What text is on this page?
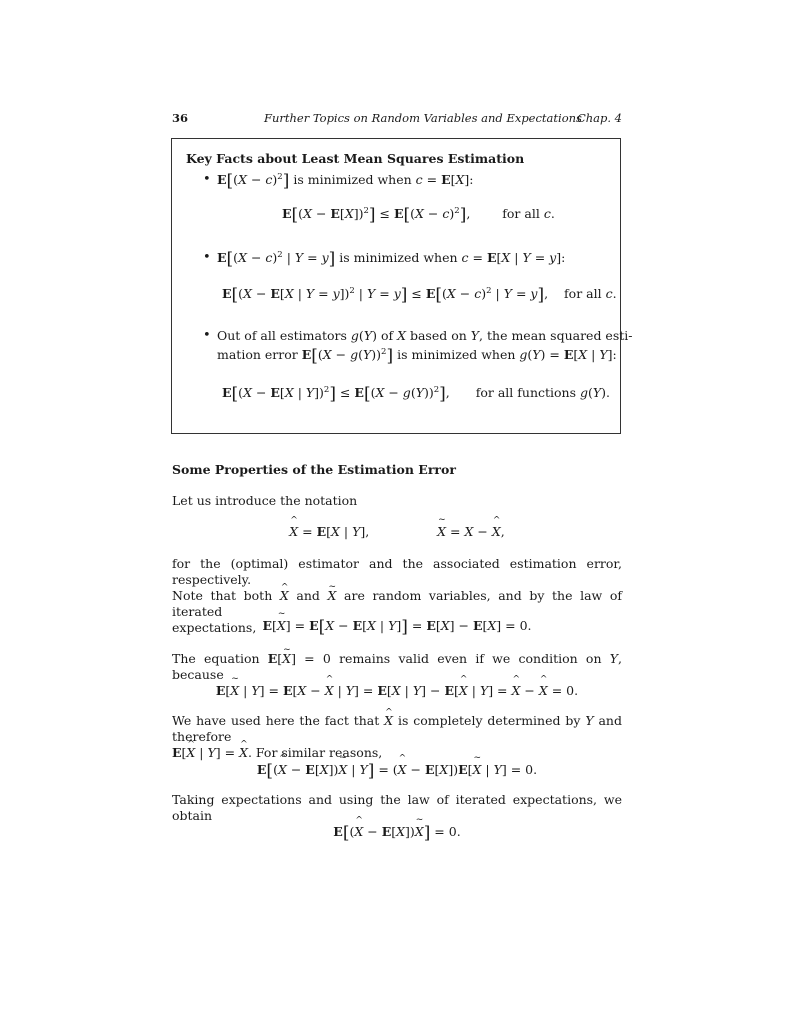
36	Further Topics on Random Variables and Expectations
Chap. 4
Key Facts about Least Mean Squares Estimation
• $E[(X - c)^2]$ is minimized when c = E[X]:
$E[(X - E[X])^2] \le E[(X - c)^2]$, for all c.
• $E[(X - c)^2$ | Y = y] is minimized when c = E[X | Y = y]:
E[(X − E[X | Y = y])$^2$ | $Y = y] \le E[(X - c)^2$ | Y = y], for all c.
• Out of all estimators g(Y) of X based on Y, the mean squared esti-
mation error $E[(X - g(Y))^2]$ is minimized when g(Y) = E[X | Y]:
E[(X − E[X | $Y])^2] \le E[(X - g(Y))^2]$, for all functions g(Y).
Some Properties of the Estimation Error
Let us introduce the notation
^ X = E[X | Y],	~ X = X − ^ X,
for the (optimal) estimator and the associated estimation error, respectively.
Note that both ^ X and ~ X are random variables, and by the law of iterated
expectations, E[~ X] = E[X − E[X | Y]] = E[X] − E[X] = 0.
The equation E[~ X] = 0 remains valid even if we condition on Y, because
E[~ X | Y] = E[X − ^ X | Y] = E[X | Y] − E[^ X | Y] = ^ X − ^ X = 0.
We have used here the fact that ^ X is completely determined by Y and therefore
E[^ X | Y] = ^ X. For similar reasons,
E[(^ X − E[X])~ X | Y] = (^ X − E[X])E[~ X | Y] = 0.
Taking expectations and using the law of iterated expectations, we obtain
E[(^ X − E[X])~ X] = 0.
